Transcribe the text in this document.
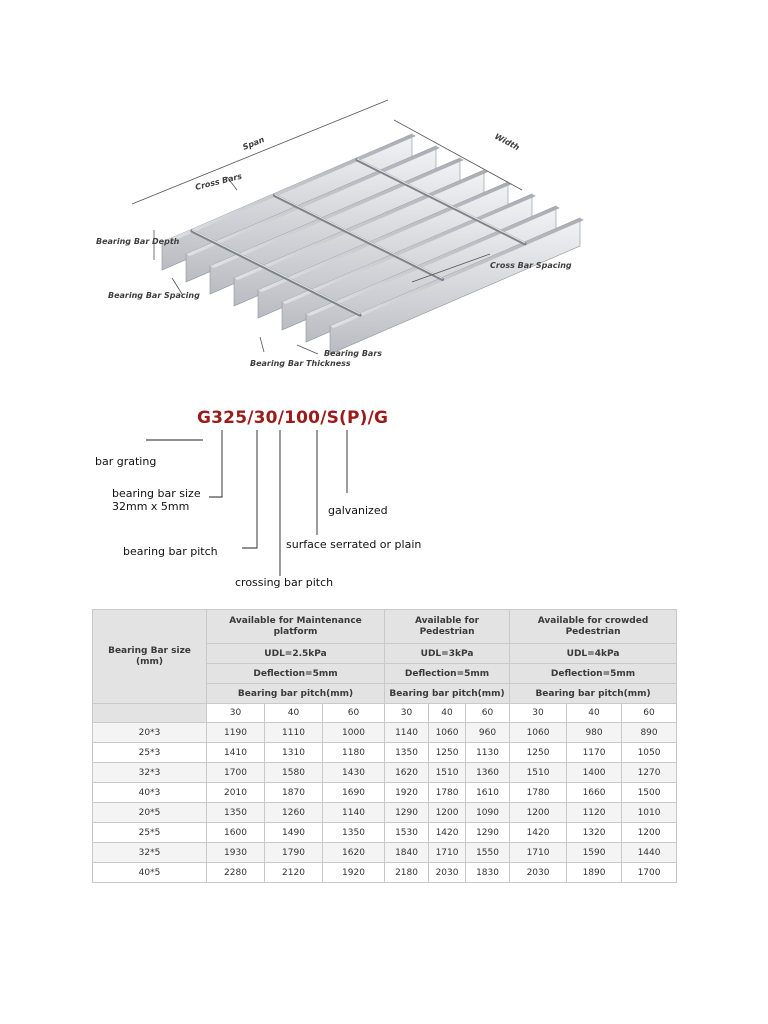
Span	Width
Cross Bars
Bearing Bar Depth
Bearing Bar Spacing
Cross Bar Spacing
Bearing Bar Thickness
Bearing Bars
G325/30/100/S(P)/G
bar grating
bearing bar size
32mm x 5mm	galvanized
bearing bar pitch
surface serrated or plain
crossing bar pitch
Bearing Bar size (mm)	Available for Maintenance platform			Available for Pedestrian			Available for crowded Pedestrian		
	UDL=2.5kPa			UDL=3kPa			UDL=4kPa		
	Deflection=5mm			Deflection=5mm			Deflection=5mm		
	Bearing bar pitch(mm)			Bearing bar pitch(mm)			Bearing bar pitch(mm)		
	30	40	60	30	40	60	30	40	60
20*3	1190	1110	1000	1140	1060	960	1060	980	890
25*3	1410	1310	1180	1350	1250	1130	1250	1170	1050
32*3	1700	1580	1430	1620	1510	1360	1510	1400	1270
40*3	2010	1870	1690	1920	1780	1610	1780	1660	1500
20*5	1350	1260	1140	1290	1200	1090	1200	1120	1010
25*5	1600	1490	1350	1530	1420	1290	1420	1320	1200
32*5	1930	1790	1620	1840	1710	1550	1710	1590	1440
40*5	2280	2120	1920	2180	2030	1830	2030	1890	1700
